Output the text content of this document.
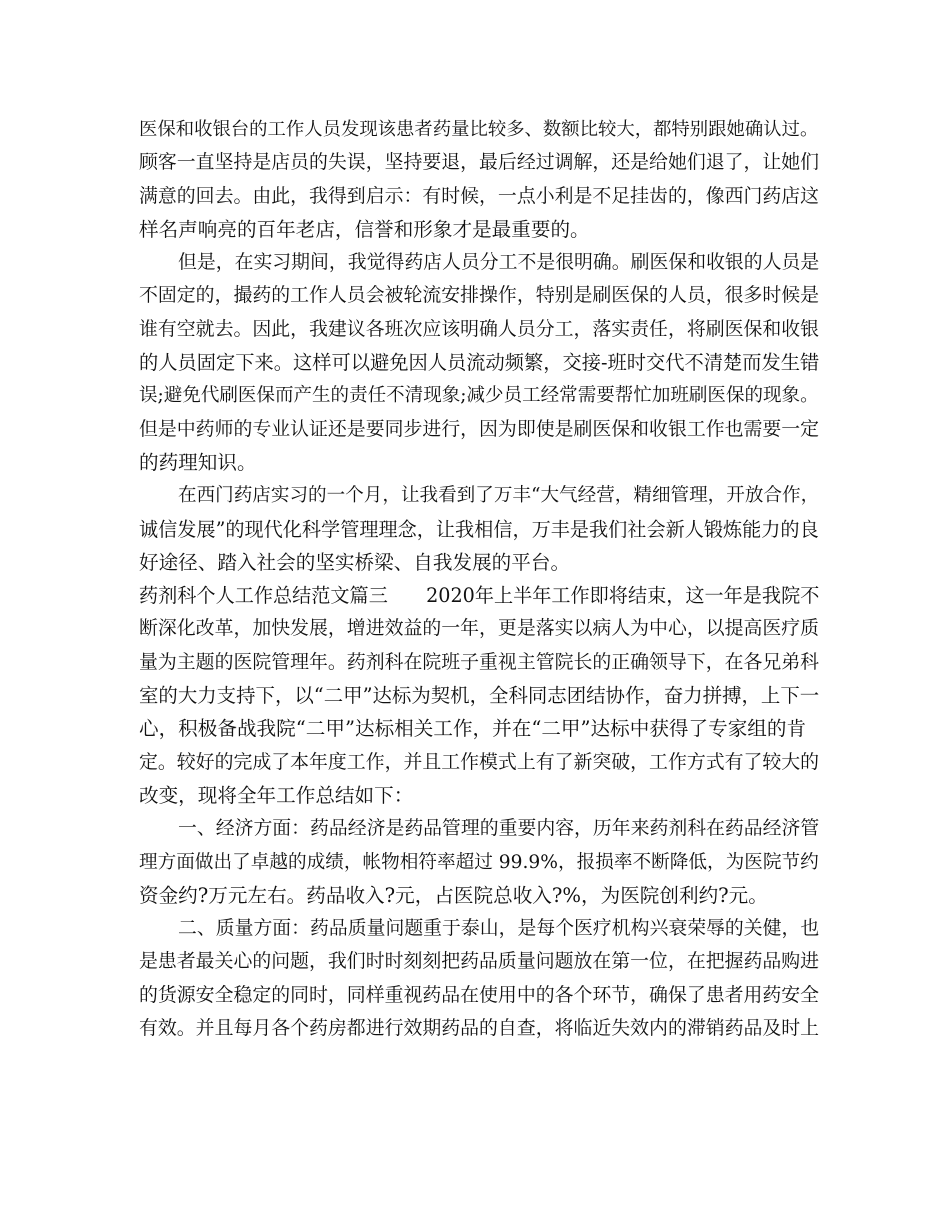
医保和收银台的工作人员发现该患者药量比较多、数额比较大，都特别跟她确认过。
顾客一直坚持是店员的失误，坚持要退，最后经过调解，还是给她们退了，让她们
满意的回去。由此，我得到启示：有时候，一点小利是不足挂齿的，像西门药店这
样名声响亮的百年老店，信誉和形象才是最重要的。
但是，在实习期间，我觉得药店人员分工不是很明确。刷医保和收银的人员是
不固定的，撮药的工作人员会被轮流安排操作，特别是刷医保的人员，很多时候是
谁有空就去。因此，我建议各班次应该明确人员分工，落实责任，将刷医保和收银
的人员固定下来。这样可以避免因人员流动频繁，交接-班时交代不清楚而发生错
误;避免代刷医保而产生的责任不清现象;减少员工经常需要帮忙加班刷医保的现象。
但是中药师的专业认证还是要同步进行，因为即使是刷医保和收银工作也需要一定
的药理知识。
在西门药店实习的一个月，让我看到了万丰“大气经营，精细管理，开放合作，
诚信发展”的现代化科学管理理念，让我相信，万丰是我们社会新人锻炼能力的良
好途径、踏入社会的坚实桥梁、自我发展的平台。
药剂科个人工作总结范文篇三　　2020年上半年工作即将结束，这一年是我院不
断深化改革，加快发展，增进效益的一年，更是落实以病人为中心，以提高医疗质
量为主题的医院管理年。药剂科在院班子重视主管院长的正确领导下，在各兄弟科
室的大力支持下，以“二甲”达标为契机，全科同志团结协作，奋力拼搏，上下一
心，积极备战我院“二甲”达标相关工作，并在“二甲”达标中获得了专家组的肯
定。较好的完成了本年度工作，并且工作模式上有了新突破，工作方式有了较大的
改变，现将全年工作总结如下：
一、经济方面：药品经济是药品管理的重要内容，历年来药剂科在药品经济管
理方面做出了卓越的成绩，帐物相符率超过 99.9%，报损率不断降低，为医院节约
资金约?万元左右。药品收入?元，占医院总收入?%，为医院创利约?元。
二、质量方面：药品质量问题重于泰山，是每个医疗机构兴衰荣辱的关健，也
是患者最关心的问题，我们时时刻刻把药品质量问题放在第一位，在把握药品购进
的货源安全稳定的同时，同样重视药品在使用中的各个环节，确保了患者用药安全
有效。并且每月各个药房都进行效期药品的自查，将临近失效内的滞销药品及时上
